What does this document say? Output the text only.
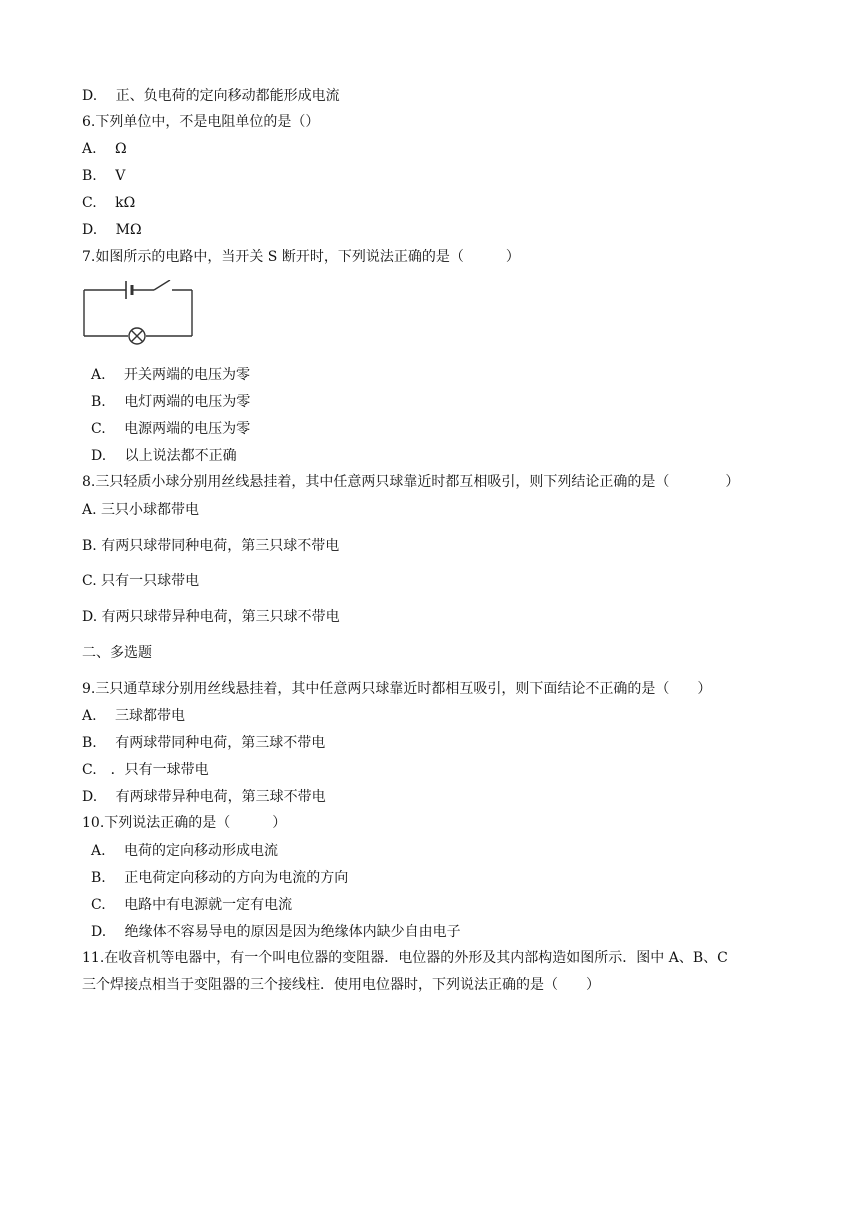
D.　 正、负电荷的定向移动都能形成电流
6.下列单位中，不是电阻单位的是（）
A.　 Ω
B.　 V
C.　 kΩ
D.　 MΩ
7.如图所示的电路中，当开关 S 断开时，下列说法正确的是（　　　）
A.　 开关两端的电压为零
B.　 电灯两端的电压为零
C.　 电源两端的电压为零
D.　 以上说法都不正确
8.三只轻质小球分别用丝线悬挂着，其中任意两只球靠近时都互相吸引，则下列结论正确的是（　　　　）
A. 三只小球都带电
B. 有两只球带同种电荷，第三只球不带电
C. 只有一只球带电
D. 有两只球带异种电荷，第三只球不带电
二、多选题
9.三只通草球分别用丝线悬挂着，其中任意两只球靠近时都相互吸引，则下面结论不正确的是（　　）
A.　 三球都带电
B.　 有两球带同种电荷，第三球不带电
C.　．只有一球带电
D.　 有两球带异种电荷，第三球不带电
10.下列说法正确的是（　　　）
A.　 电荷的定向移动形成电流
B.　 正电荷定向移动的方向为电流的方向
C.　 电路中有电源就一定有电流
D.　 绝缘体不容易导电的原因是因为绝缘体内缺少自由电子
11.在收音机等电器中，有一个叫电位器的变阻器．电位器的外形及其内部构造如图所示．图中 A、B、C
三个焊接点相当于变阻器的三个接线柱．使用电位器时，下列说法正确的是（　　）
